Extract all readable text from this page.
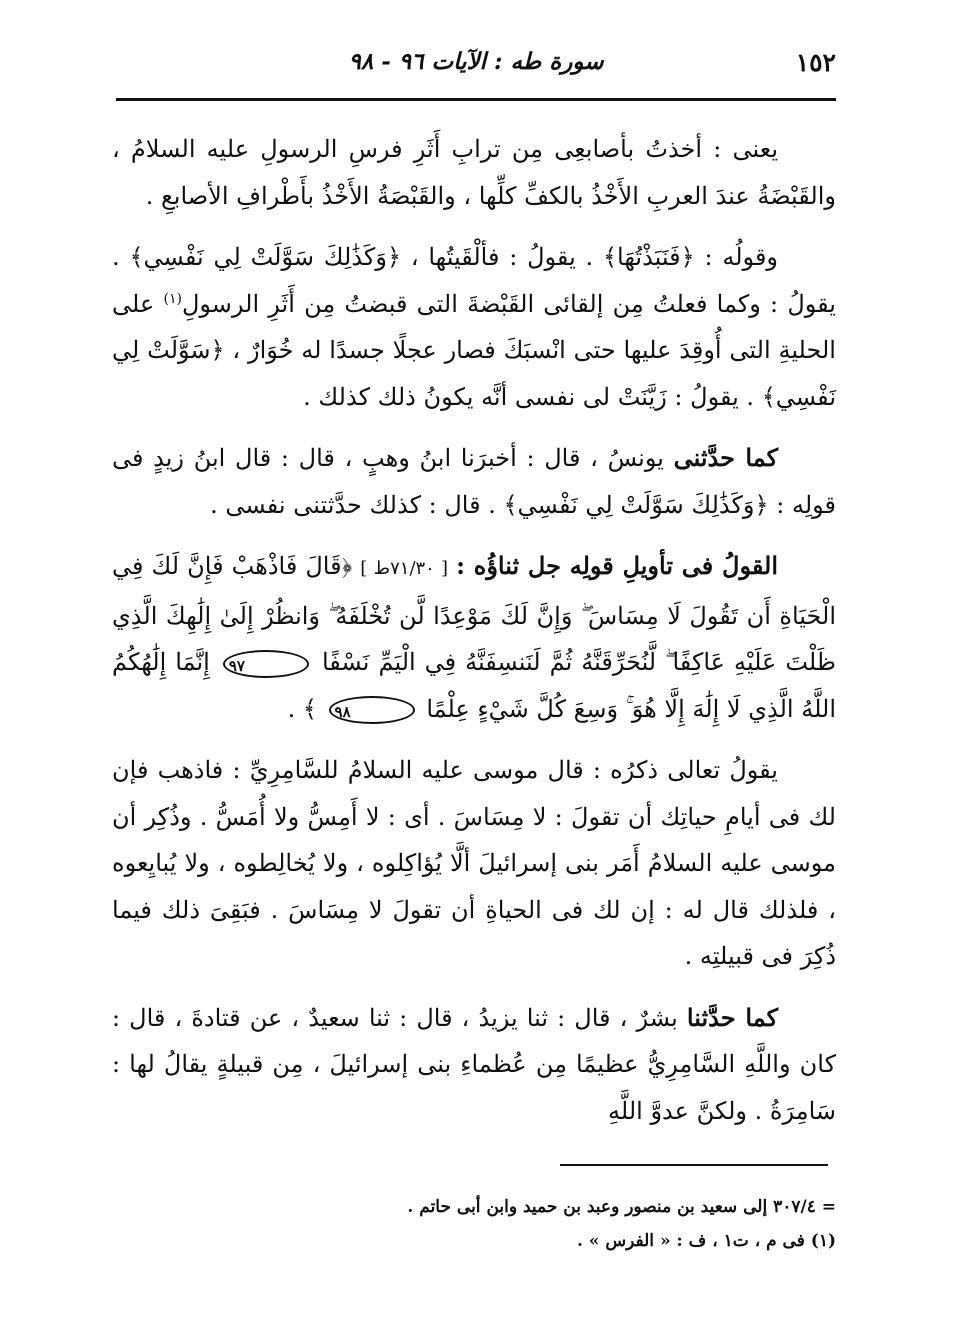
١٥٢
سورة طه : الآيات ٩٦ - ٩٨

يعنى : أخذتُ بأصابعِى مِن ترابِ أَثَرِ فرسِ الرسولِ عليه السلامُ ، والقَبْضَةُ عندَ العربِ الأَخْذُ بالكفِّ كلِّها ، والقَبْصَةُ الأَخْذُ بأَطْرافِ الأصابعِ .

وقولُه : ﴿فَنَبَذْتُهَا﴾ . يقولُ : فألْقَيتُها ، ﴿وَكَذَٰلِكَ سَوَّلَتْ لِي نَفْسِي﴾ . يقولُ : وكما فعلتُ مِن إلقائى القَبْضةَ التى قبضتُ مِن أَثَرِ الرسولِ$^{(١)}$ على الحليةِ التى أُوقِدَ عليها حتى انْسبَكَ فصار عجلًا جسدًا له خُوَارٌ ، ﴿سَوَّلَتْ لِي نَفْسِي﴾ . يقولُ : زَيَّنَتْ لى نفسى أنَّه يكونُ ذلك كذلك .

كما حدَّثنى يونسُ ، قال : أخبرَنا ابنُ وهبٍ ، قال : قال ابنُ زيدٍ فى قولِه : ﴿وَكَذَٰلِكَ سَوَّلَتْ لِي نَفْسِي﴾ . قال : كذلك حدَّثتنى نفسى .

القولُ فى تأويلِ قولِه جل ثناؤُه : [ ٧١/٣٠ط ] ﴿قَالَ فَاذْهَبْ فَإِنَّ لَكَ فِي الْحَيَاةِ أَن تَقُولَ لَا مِسَاسَ ۖ وَإِنَّ لَكَ مَوْعِدًا لَّن تُخْلَفَهُ ۖ وَانظُرْ إِلَىٰ إِلَٰهِكَ الَّذِي ظَلْتَ عَلَيْهِ عَاكِفًا ۖ لَّنُحَرِّقَنَّهُ ثُمَّ لَنَنسِفَنَّهُ فِي الْيَمِّ نَسْفًا ٩٧ إِنَّمَا إِلَٰهُكُمُ اللَّهُ الَّذِي لَا إِلَٰهَ إِلَّا هُوَ ۚ وَسِعَ كُلَّ شَيْءٍ عِلْمًا ٩٨ ﴾ .

يقولُ تعالى ذكرُه : قال موسى عليه السلامُ للسَّامِرِيِّ : فاذهب فإن لك فى أيامِ حياتِك أن تقولَ : لا مِسَاسَ . أى : لا أَمِسُّ ولا أُمَسُّ . وذُكِر أن موسى عليه السلامُ أَمَر بنى إسرائيلَ ألَّا يُؤاكِلوه ، ولا يُخالِطوه ، ولا يُبايِعوه ، فلذلك قال له : إن لك فى الحياةِ أن تقولَ لا مِسَاسَ . فبَقِىَ ذلك فيما ذُكِرَ فى قبيلتِه .

كما حدَّثنا بشرٌ ، قال : ثنا يزيدُ ، قال : ثنا سعيدٌ ، عن قتادةَ ، قال : كان واللَّهِ السَّامِرِيُّ عظيمًا مِن عُظماءِ بنى إسرائيلَ ، مِن قبيلةٍ يقالُ لها : سَامِرَةُ . ولكنَّ عدوَّ اللَّهِ

= ٣٠٧/٤ إلى سعيد بن منصور وعبد بن حميد وابن أبى حاتم .
(١) فى م ، ت١ ، ف : « الفرس » .
